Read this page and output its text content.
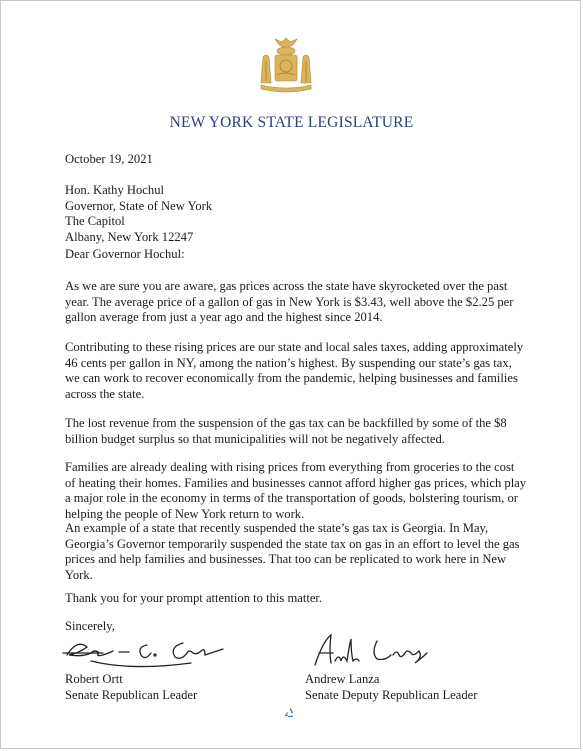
NEW YORK STATE LEGISLATURE
October 19, 2021
Hon. Kathy Hochul
Governor, State of New York
The Capitol
Albany, New York 12247
Dear Governor Hochul:
As we are sure you are aware, gas prices across the state have skyrocketed over the past year. The average price of a gallon of gas in New York is $3.43, well above the $2.25 per gallon average from just a year ago and the highest since 2014.
Contributing to these rising prices are our state and local sales taxes, adding approximately 46 cents per gallon in NY, among the nation’s highest. By suspending our state’s gas tax, we can work to recover economically from the pandemic, helping businesses and families across the state.
The lost revenue from the suspension of the gas tax can be backfilled by some of the $8 billion budget surplus so that municipalities will not be negatively affected.
Families are already dealing with rising prices from everything from groceries to the cost of heating their homes. Families and businesses cannot afford higher gas prices, which play a major role in the economy in terms of the transportation of goods, bolstering tourism, or helping the people of New York return to work.
An example of a state that recently suspended the state’s gas tax is Georgia. In May, Georgia’s Governor temporarily suspended the state tax on gas in an effort to level the gas prices and help families and businesses. That too can be replicated to work here in New York.
Thank you for your prompt attention to this matter.
Sincerely,
Robert Ortt
Senate Republican Leader
Andrew Lanza
Senate Deputy Republican Leader
